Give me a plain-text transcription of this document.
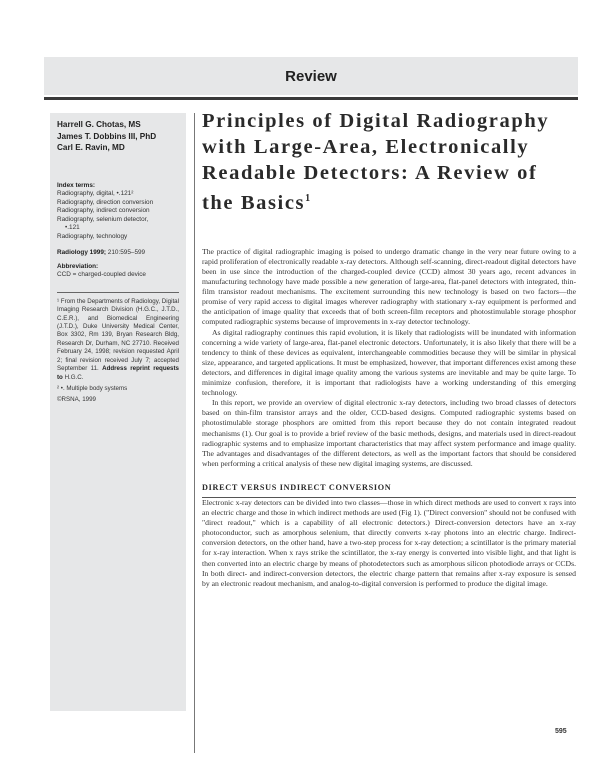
Review
Harrell G. Chotas, MS
James T. Dobbins III, PhD
Carl E. Ravin, MD
Index terms:
Radiography, digital, •.121²
Radiography, direction conversion
Radiography, indirect conversion
Radiography, selenium detector,
•.121
Radiography, technology
Radiology 1999; 210:595–599
Abbreviation:
CCD = charged-coupled device

¹ From the Departments of Radiology, Digital Imaging Research Division (H.G.C., J.T.D., C.E.R.), and Biomedical Engineering (J.T.D.), Duke University Medical Center, Box 3302, Rm 139, Bryan Research Bldg, Research Dr, Durham, NC 27710. Received February 24, 1998; revision requested April 2; final revision received July 7; accepted September 11. Address reprint requests to H.G.C.

² •. Multiple body systems

©RSNA, 1999

Principles of Digital Radiography with Large-Area, Electronically Readable Detectors: A Review of the Basics$^1$

The practice of digital radiographic imaging is poised to undergo dramatic change in the very near future owing to a rapid proliferation of electronically readable x-ray detectors. Although self-scanning, direct-readout digital detectors have been in use since the introduction of the charged-coupled device (CCD) almost 30 years ago, recent advances in manufacturing technology have made possible a new generation of large-area, flat-panel detectors with integrated, thin-film transistor readout mechanisms. The excitement surrounding this new technology is based on two factors—the promise of very rapid access to digital images wherever radiography with stationary x-ray equipment is performed and the anticipation of image quality that exceeds that of both screen-film receptors and photostimulable storage phosphor computed radiographic systems because of improvements in x-ray detector technology.

As digital radiography continues this rapid evolution, it is likely that radiologists will be inundated with information concerning a wide variety of large-area, flat-panel electronic detectors. Unfortunately, it is also likely that there will be a tendency to think of these devices as equivalent, interchangeable commodities because they will be similar in physical size, appearance, and targeted applications. It must be emphasized, however, that important differences exist among these detectors, and differences in digital image quality among the various systems are inevitable and may be quite large. To minimize confusion, therefore, it is important that radiologists have a working understanding of this emerging technology.

In this report, we provide an overview of digital electronic x-ray detectors, including two broad classes of detectors based on thin-film transistor arrays and the older, CCD-based designs. Computed radiographic systems based on photostimulable storage phosphors are omitted from this report because they do not contain integrated readout mechanisms (1). Our goal is to provide a brief review of the basic methods, designs, and materials used in direct-readout radiographic systems and to emphasize important characteristics that may affect system performance and image quality. The advantages and disadvantages of the different detectors, as well as the important factors that should be considered when performing a critical analysis of these new digital imaging systems, are discussed.

DIRECT VERSUS INDIRECT CONVERSION

Electronic x-ray detectors can be divided into two classes—those in which direct methods are used to convert x rays into an electric charge and those in which indirect methods are used (Fig 1). ("Direct conversion" should not be confused with "direct readout," which is a capability of all electronic detectors.) Direct-conversion detectors have an x-ray photoconductor, such as amorphous selenium, that directly converts x-ray photons into an electric charge. Indirect-conversion detectors, on the other hand, have a two-step process for x-ray detection; a scintillator is the primary material for x-ray interaction. When x rays strike the scintillator, the x-ray energy is converted into visible light, and that light is then converted into an electric charge by means of photodetectors such as amorphous silicon photodiode arrays or CCDs. In both direct- and indirect-conversion detectors, the electric charge pattern that remains after x-ray exposure is sensed by an electronic readout mechanism, and analog-to-digital conversion is performed to produce the digital image.

595
